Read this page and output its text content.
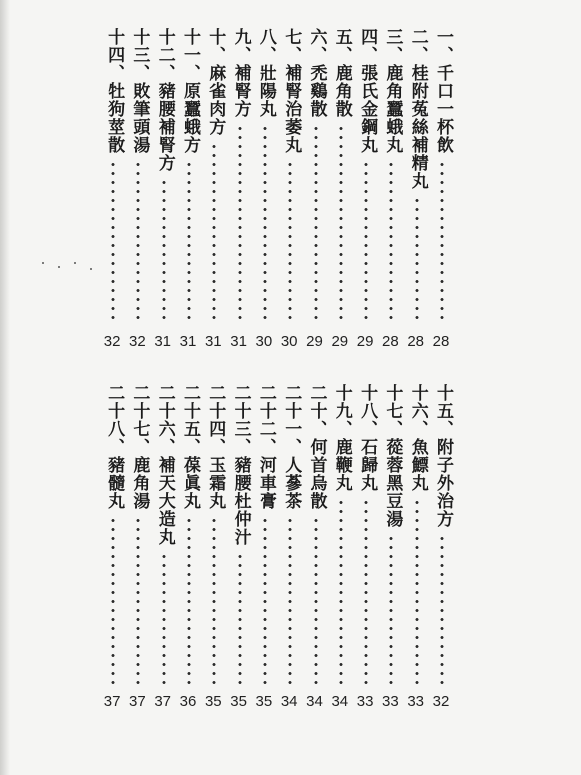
一、千口一杯飲
28
二、桂附菟絲補精丸
28
三、鹿角蠶蛾丸
28
四、張氏金鋼丸
29
五、鹿角散
29
六、禿鷄散
29
七、補腎治萎丸
30
八、壯陽丸
30
九、補腎方
31
十、麻雀肉方
31
十一、原蠶蛾方
31
十二、豬腰補腎方
31
十三、敗筆頭湯
32
十四、牡狗莖散
32
十五、附子外治方
32
十六、魚鰾丸
33
十七、蓯蓉黑豆湯
33
十八、石歸丸
33
十九、鹿鞭丸
34
二十、何首烏散
34
二十一、人蔘茶
34
二十二、河車膏
35
二十三、豬腰杜仲汁
35
二十四、玉霜丸
35
二十五、葆眞丸
36
二十六、補天大造丸
37
二十七、鹿角湯
37
二十八、豬髓丸
37
